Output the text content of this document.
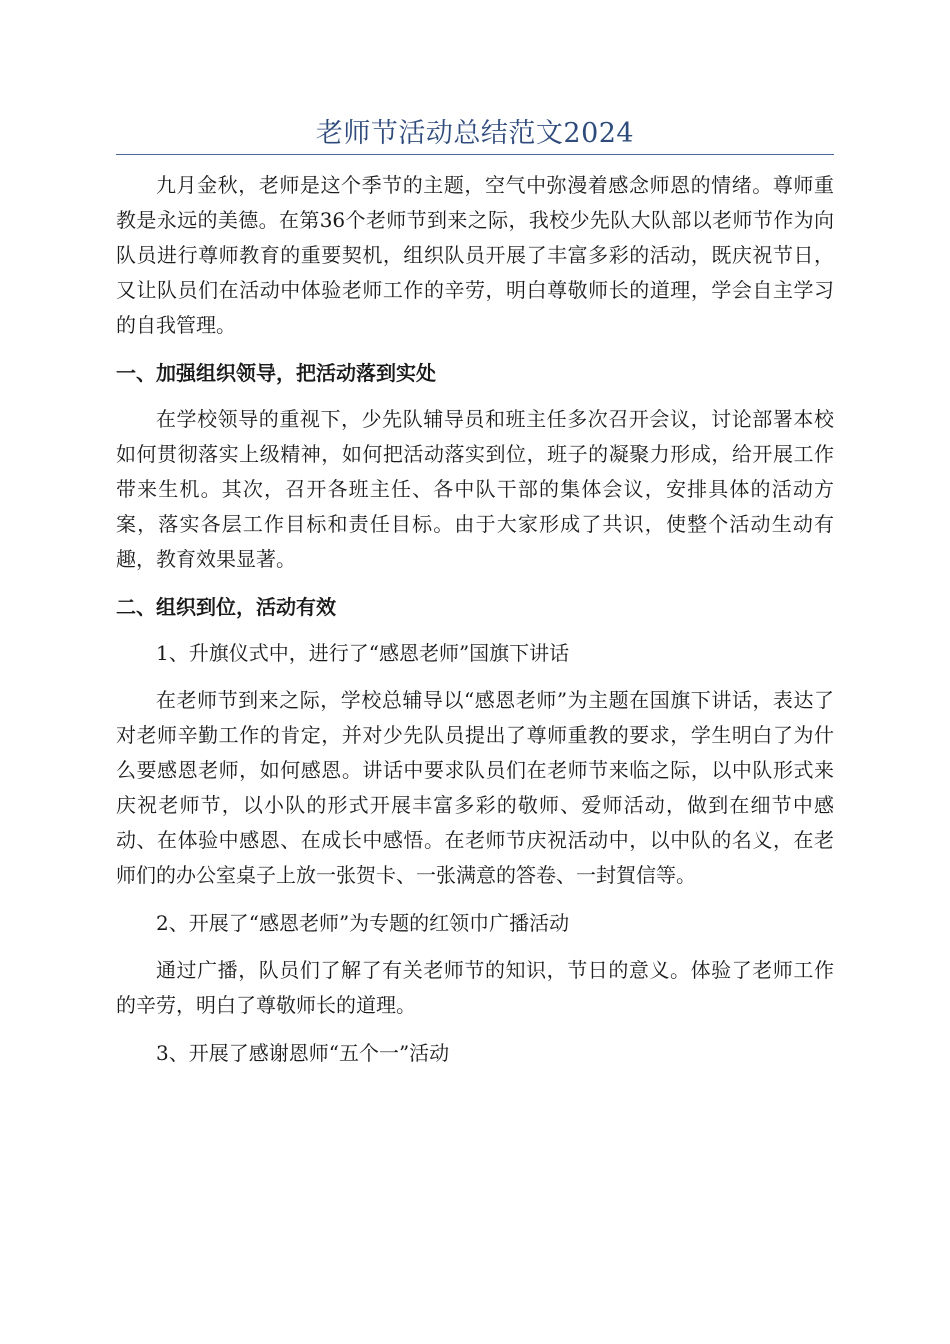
老师节活动总结范文2024

九月金秋，老师是这个季节的主题，空气中弥漫着感念师恩的情绪。尊师重教是永远的美德。在第36个老师节到来之际，我校少先队大队部以老师节作为向队员进行尊师教育的重要契机，组织队员开展了丰富多彩的活动，既庆祝节日，又让队员们在活动中体验老师工作的辛劳，明白尊敬师长的道理，学会自主学习的自我管理。

一、加强组织领导，把活动落到实处

在学校领导的重视下，少先队辅导员和班主任多次召开会议，讨论部署本校如何贯彻落实上级精神，如何把活动落实到位，班子的凝聚力形成，给开展工作带来生机。其次，召开各班主任、各中队干部的集体会议，安排具体的活动方案，落实各层工作目标和责任目标。由于大家形成了共识，使整个活动生动有趣，教育效果显著。

二、组织到位，活动有效

1、升旗仪式中，进行了“感恩老师”国旗下讲话

在老师节到来之际，学校总辅导以“感恩老师”为主题在国旗下讲话，表达了对老师辛勤工作的肯定，并对少先队员提出了尊师重教的要求，学生明白了为什么要感恩老师，如何感恩。讲话中要求队员们在老师节来临之际，以中队形式来庆祝老师节，以小队的形式开展丰富多彩的敬师、爱师活动，做到在细节中感动、在体验中感恩、在成长中感悟。在老师节庆祝活动中，以中队的名义，在老师们的办公室桌子上放一张贺卡、一张满意的答卷、一封賀信等。

2、开展了“感恩老师”为专题的红领巾广播活动

通过广播，队员们了解了有关老师节的知识，节日的意义。体验了老师工作的辛劳，明白了尊敬师长的道理。

3、开展了感谢恩师“五个一”活动
